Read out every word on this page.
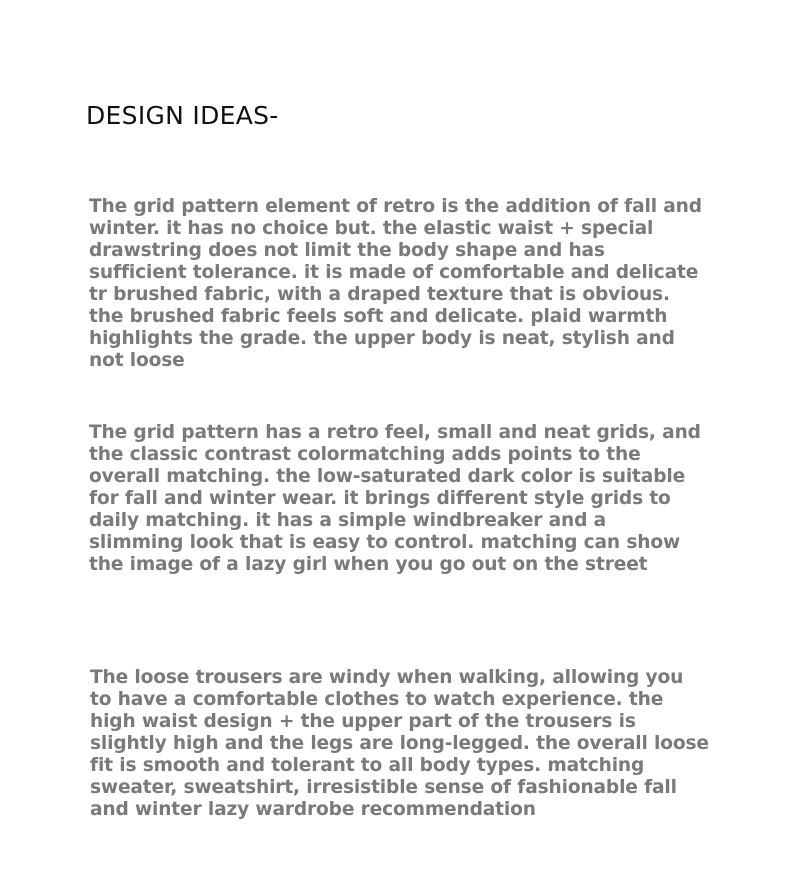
DESIGN IDEAS-

The grid pattern element of retro is the addition of fall and winter. it has no choice but. the elastic waist + special drawstring does not limit the body shape and has sufficient tolerance. it is made of comfortable and delicate tr brushed fabric, with a draped texture that is obvious. the brushed fabric feels soft and delicate. plaid warmth highlights the grade. the upper body is neat, stylish and not loose

The grid pattern has a retro feel, small and neat grids, and the classic contrast colormatching adds points to the overall matching. the low-saturated dark color is suitable for fall and winter wear. it brings different style grids to daily matching. it has a simple windbreaker and a slimming look that is easy to control. matching can show the image of a lazy girl when you go out on the street

The loose trousers are windy when walking, allowing you to have a comfortable clothes to watch experience. the high waist design + the upper part of the trousers is slightly high and the legs are long-legged. the overall loose fit is smooth and tolerant to all body types. matching sweater, sweatshirt, irresistible sense of fashionable fall and winter lazy wardrobe recommendation
